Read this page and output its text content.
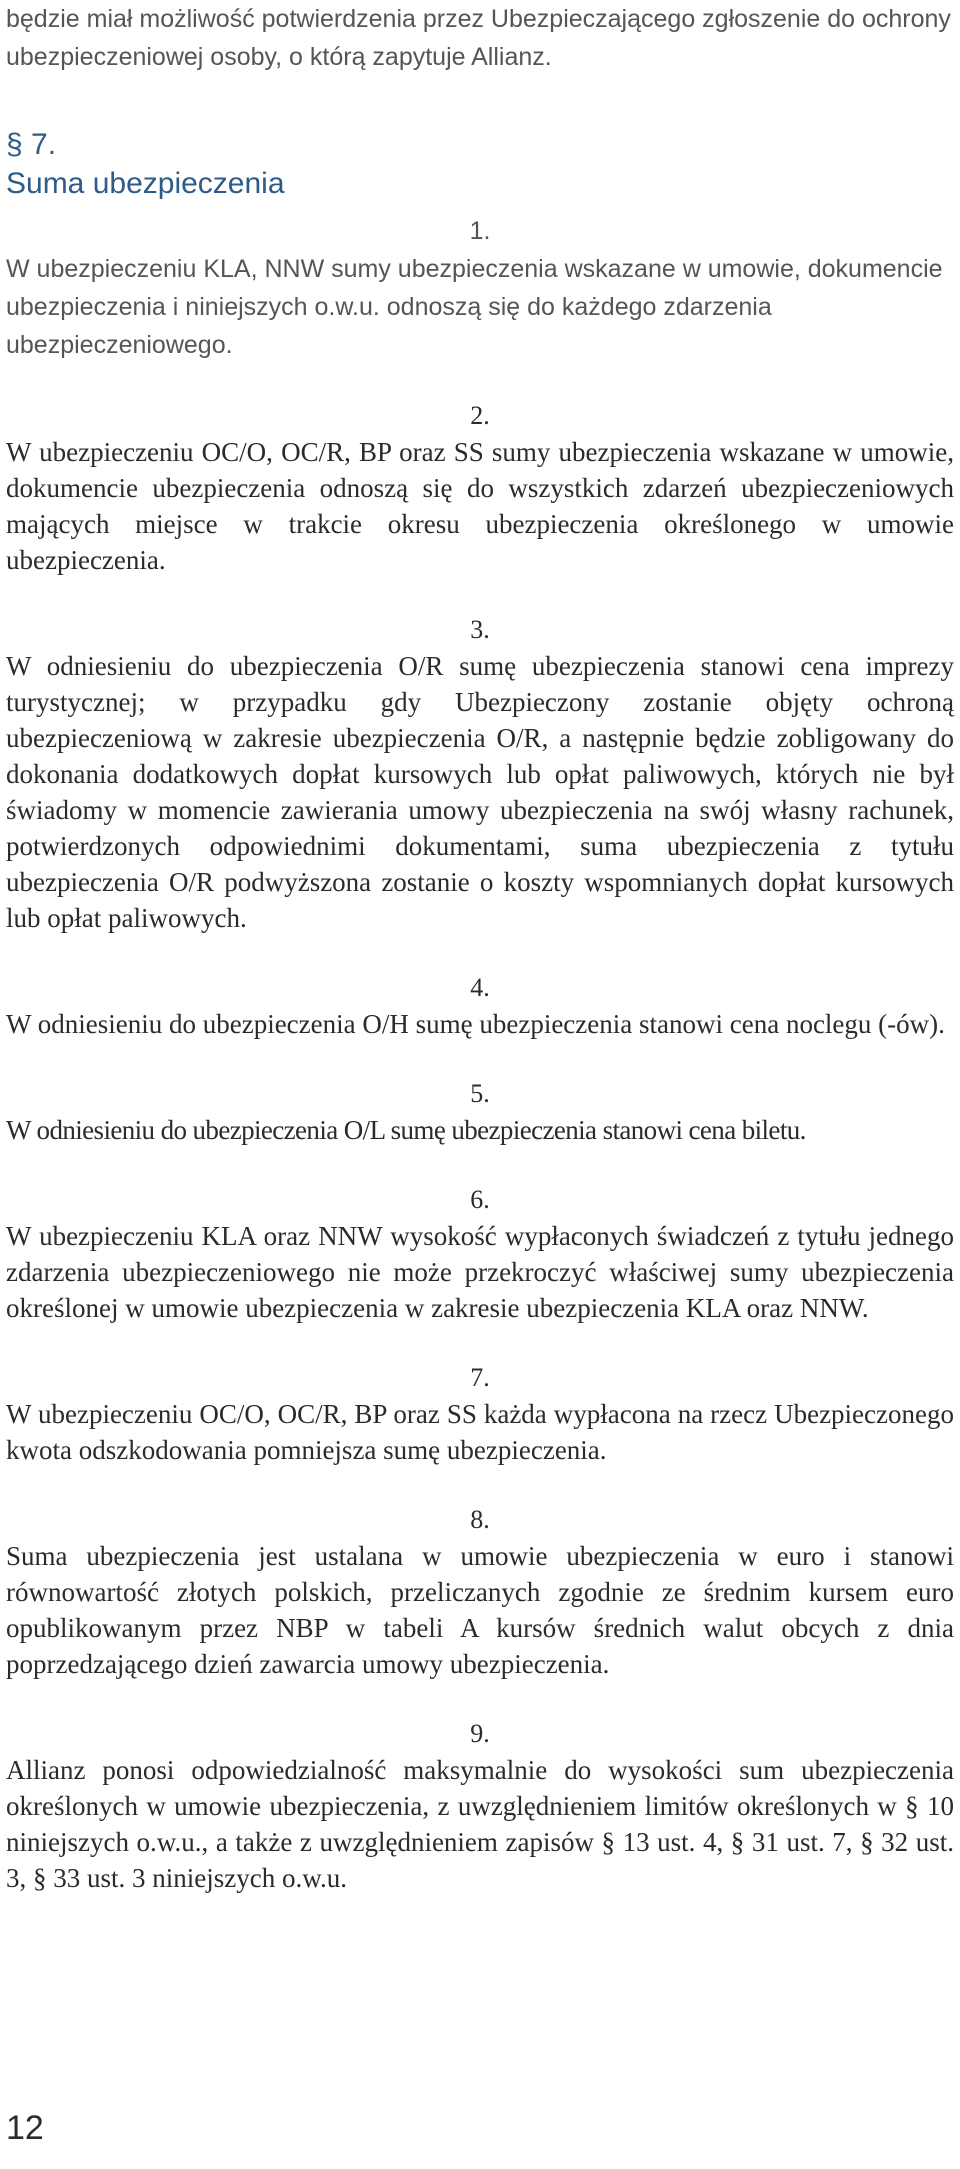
będzie miał możliwość potwierdzenia przez Ubezpieczającego zgłoszenie do ochrony ubezpieczeniowej osoby, o którą zapytuje Allianz.

§ 7.
Suma ubezpieczenia

1.

W ubezpieczeniu KLA, NNW sumy ubezpieczenia wskazane w umowie, dokumencie ubezpieczenia i niniejszych o.w.u. odnoszą się do każdego zdarzenia ubezpieczeniowego.

2.

W ubezpieczeniu OC/O, OC/R, BP oraz SS sumy ubezpieczenia wskazane w umowie, dokumencie ubezpieczenia odnoszą się do wszystkich zdarzeń ubezpieczeniowych mających miejsce w trakcie okresu ubezpieczenia określonego w umowie ubezpieczenia.

3.

W odniesieniu do ubezpieczenia O/R sumę ubezpieczenia stanowi cena imprezy turystycznej; w przypadku gdy Ubezpieczony zostanie objęty ochroną ubezpieczeniową w zakresie ubezpieczenia O/R, a następnie będzie zobligowany do dokonania dodatkowych dopłat kursowych lub opłat paliwowych, których nie był świadomy w momencie zawierania umowy ubezpieczenia na swój własny rachunek, potwierdzonych odpowiednimi dokumentami, suma ubezpieczenia z tytułu ubezpieczenia O/R podwyższona zostanie o koszty wspomnianych dopłat kursowych lub opłat paliwowych.

4.

W odniesieniu do ubezpieczenia O/H sumę ubezpieczenia stanowi cena noclegu (-ów).

5.

W odniesieniu do ubezpieczenia O/L sumę ubezpieczenia stanowi cena biletu.

6.

W ubezpieczeniu KLA oraz NNW wysokość wypłaconych świadczeń z tytułu jednego zdarzenia ubezpieczeniowego nie może przekroczyć właściwej sumy ubezpieczenia określonej w umowie ubezpieczenia w zakresie ubezpieczenia KLA oraz NNW.

7.

W ubezpieczeniu OC/O, OC/R, BP oraz SS każda wypłacona na rzecz Ubezpieczonego kwota odszkodowania pomniejsza sumę ubezpieczenia.

8.

Suma ubezpieczenia jest ustalana w umowie ubezpieczenia w euro i stanowi równowartość złotych polskich, przeliczanych zgodnie ze średnim kursem euro opublikowanym przez NBP w tabeli A kursów średnich walut obcych z dnia poprzedzającego dzień zawarcia umowy ubezpieczenia.

9.

Allianz ponosi odpowiedzialność maksymalnie do wysokości sum ubezpieczenia określonych w umowie ubezpieczenia, z uwzględnieniem limitów określonych w § 10 niniejszych o.w.u., a także z uwzględnieniem zapisów § 13 ust. 4, § 31 ust. 7, § 32 ust. 3, § 33 ust. 3 niniejszych o.w.u.

12
